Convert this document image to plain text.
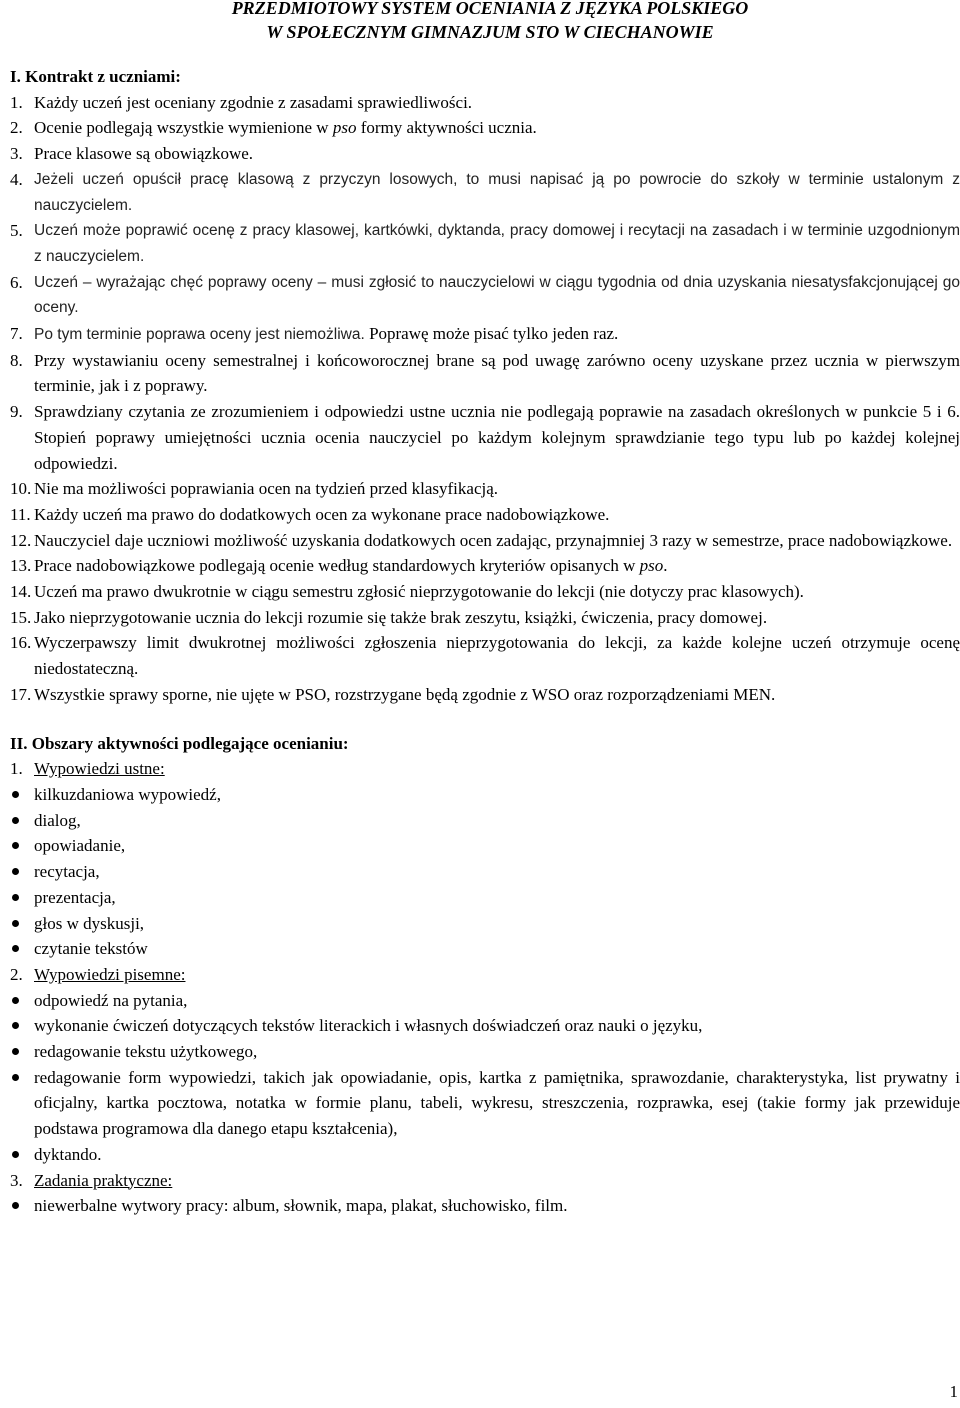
PRZEDMIOTOWY SYSTEM OCENIANIA Z JĘZYKA POLSKIEGO
W SPOŁECZNYM GIMNAZJUM STO W CIECHANOWIE

I. Kontrakt z uczniami:

1. Każdy uczeń jest oceniany zgodnie z zasadami sprawiedliwości.
2. Ocenie podlegają wszystkie wymienione w pso formy aktywności ucznia.
3. Prace klasowe są obowiązkowe.
4. Jeżeli uczeń opuścił pracę klasową z przyczyn losowych, to musi napisać ją po powrocie do szkoły w terminie ustalonym z nauczycielem.
5. Uczeń może poprawić ocenę z pracy klasowej, kartkówki, dyktanda, pracy domowej i recytacji na zasadach i w terminie uzgodnionym z nauczycielem.
6. Uczeń – wyrażając chęć poprawy oceny – musi zgłosić to nauczycielowi w ciągu tygodnia od dnia uzyskania niesatysfakcjonującej go oceny.
7. Po tym terminie poprawa oceny jest niemożliwa. Poprawę może pisać tylko jeden raz.
8. Przy wystawianiu oceny semestralnej i końcoworocznej brane są pod uwagę zarówno oceny uzyskane przez ucznia w pierwszym terminie, jak i z poprawy.
9. Sprawdziany czytania ze zrozumieniem i odpowiedzi ustne ucznia nie podlegają poprawie na zasadach określonych w punkcie 5 i 6. Stopień poprawy umiejętności ucznia ocenia nauczyciel po każdym kolejnym sprawdzianie tego typu lub po każdej kolejnej odpowiedzi.
10. Nie ma możliwości poprawiania ocen na tydzień przed klasyfikacją.
11. Każdy uczeń ma prawo do dodatkowych ocen za wykonane prace nadobowiązkowe.
12. Nauczyciel daje uczniowi możliwość uzyskania dodatkowych ocen zadając, przynajmniej 3 razy w semestrze, prace nadobowiązkowe.
13. Prace nadobowiązkowe podlegają ocenie według standardowych kryteriów opisanych w pso.
14. Uczeń ma prawo dwukrotnie w ciągu semestru zgłosić nieprzygotowanie do lekcji (nie dotyczy prac klasowych).
15. Jako nieprzygotowanie ucznia do lekcji rozumie się także brak zeszytu, książki, ćwiczenia, pracy domowej.
16. Wyczerpawszy limit dwukrotnej możliwości zgłoszenia nieprzygotowania do lekcji, za każde kolejne uczeń otrzymuje ocenę niedostateczną.
17. Wszystkie sprawy sporne, nie ujęte w PSO, rozstrzygane będą zgodnie z WSO oraz rozporządzeniami MEN.

II. Obszary aktywności podlegające ocenianiu:

1. Wypowiedzi ustne:
kilkuzdaniowa wypowiedź,
dialog,
opowiadanie,
recytacja,
prezentacja,
głos w dyskusji,
czytanie tekstów
2. Wypowiedzi pisemne:
odpowiedź na pytania,
wykonanie ćwiczeń dotyczących tekstów literackich i własnych doświadczeń oraz nauki o języku,
redagowanie tekstu użytkowego,
redagowanie form wypowiedzi, takich jak opowiadanie, opis, kartka z pamiętnika, sprawozdanie, charakterystyka, list prywatny i oficjalny, kartka pocztowa, notatka w formie planu, tabeli, wykresu, streszczenia, rozprawka, esej (takie formy jak przewiduje podstawa programowa dla danego etapu kształcenia),
dyktando.
3. Zadania praktyczne:
niewerbalne wytwory pracy: album, słownik, mapa, plakat, słuchowisko, film.
1
